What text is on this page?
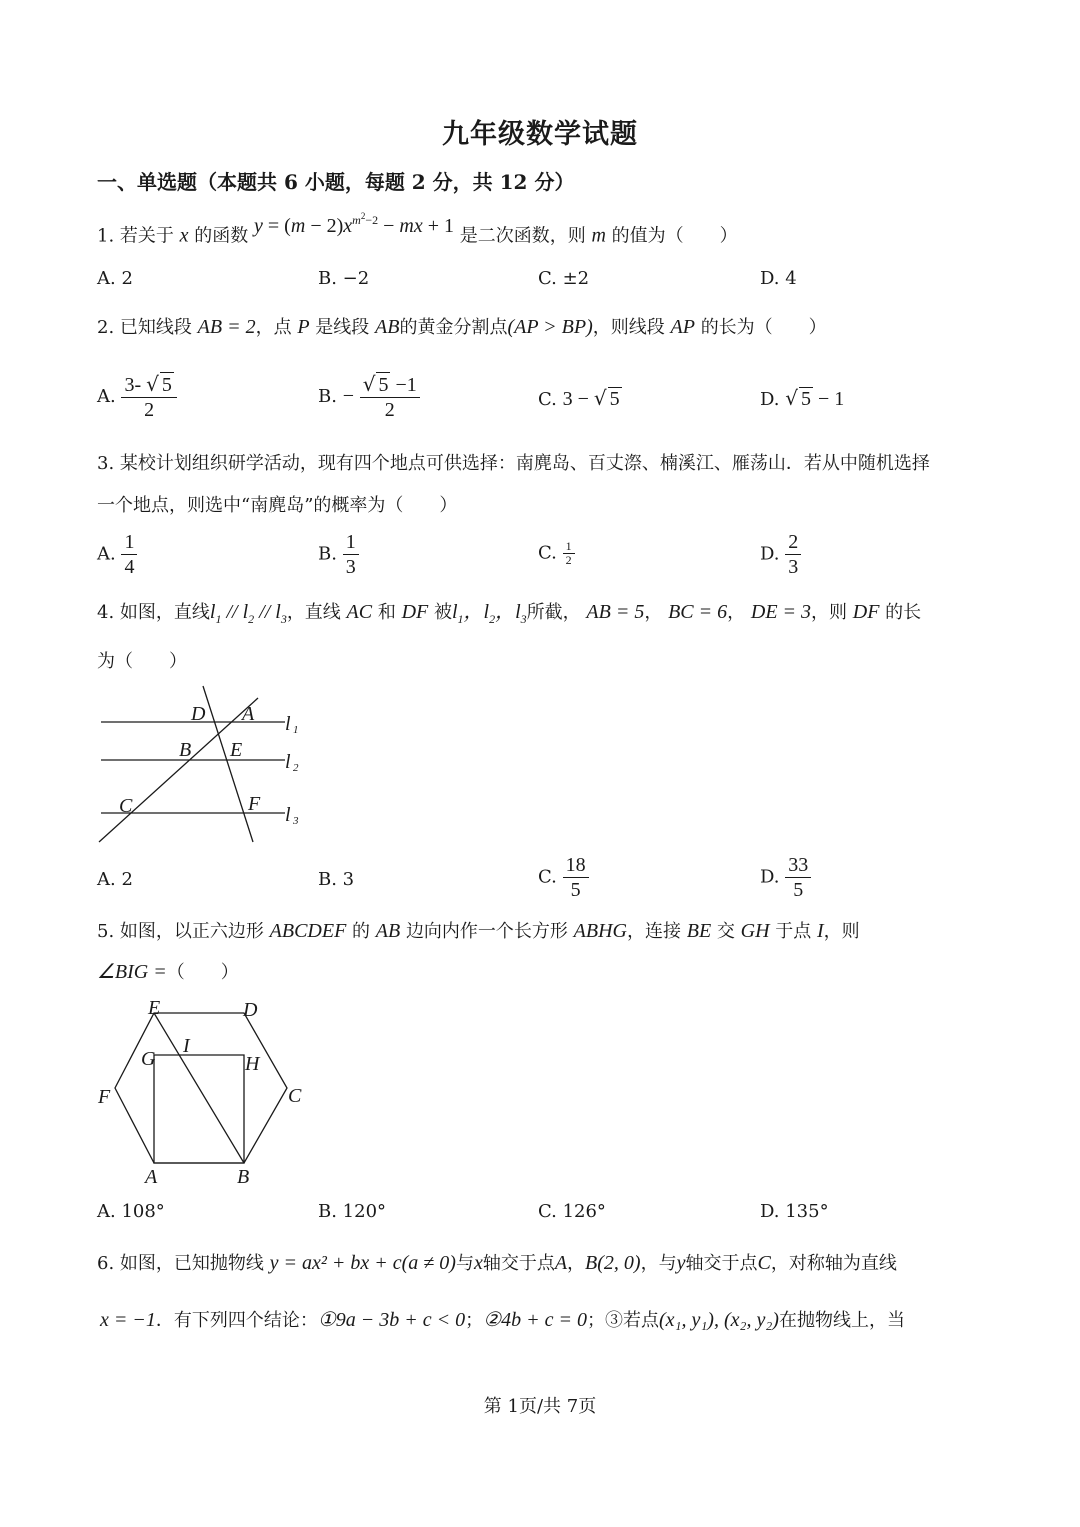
九年级数学试题
一、单选题（本题共 6 小题，每题 2 分，共 12 分）
1. 若关于 x 的函数 $y = (m - 2)x^{m^2-2}$ − mx + 1 是二次函数，则 m 的值为（　　）
A. 2	B. −2	C. ±2	D. 4
2. 已知线段 AB = 2，点 P 是线段 AB的黄金分割点(AP > BP)，则线段 AP 的长为（　　）
A. $\frac{3- √ 5}{2}$	B. − $\frac{√ 5 -1}{2}$	C. 3 − √ 5	D. √ 5 − 1
3. 某校计划组织研学活动，现有四个地点可供选择：南麂岛、百丈漈、楠溪江、雁荡山．若从中随机选择
一个地点，则选中“南麂岛”的概率为（　　）
A. $\frac{1}{4}$	B. $\frac{1}{3}$	C. $\frac{1}{2}$	D. $\frac{2}{3}$
4. 如图，直线$l_1 // l_2 // l_3$，直线 AC 和 DF 被$l_1$，$l_2$，$l_3$所截， AB = 5， BC = 6， DE = 3，则 DF 的长
为（　　）
D A
B E
C	F
l 1
l 2
l 3
A. 2	B. 3	C. $\frac{18}{5}$	D. $\frac{33}{5}$
5. 如图，以正六边形 ABCDEF 的 AB 边向内作一个长方形 ABHG，连接 BE 交 GH 于点 I，则
∠BIG =（　　）
E	D
G
I
H
F	C
A	B
A. 108°	B. 120°	C. 126°	D. 135°
6. 如图，已知抛物线 y = ax² + bx + c(a ≠ 0)与x轴交于点A，B(2, 0)，与y轴交于点C，对称轴为直线
x = −1．有下列四个结论：①9a − 3b + c < 0；②4b + c = 0；③若点(x₁, y₁), (x₂, y₂)在抛物线上，当
第 1页/共 7页
